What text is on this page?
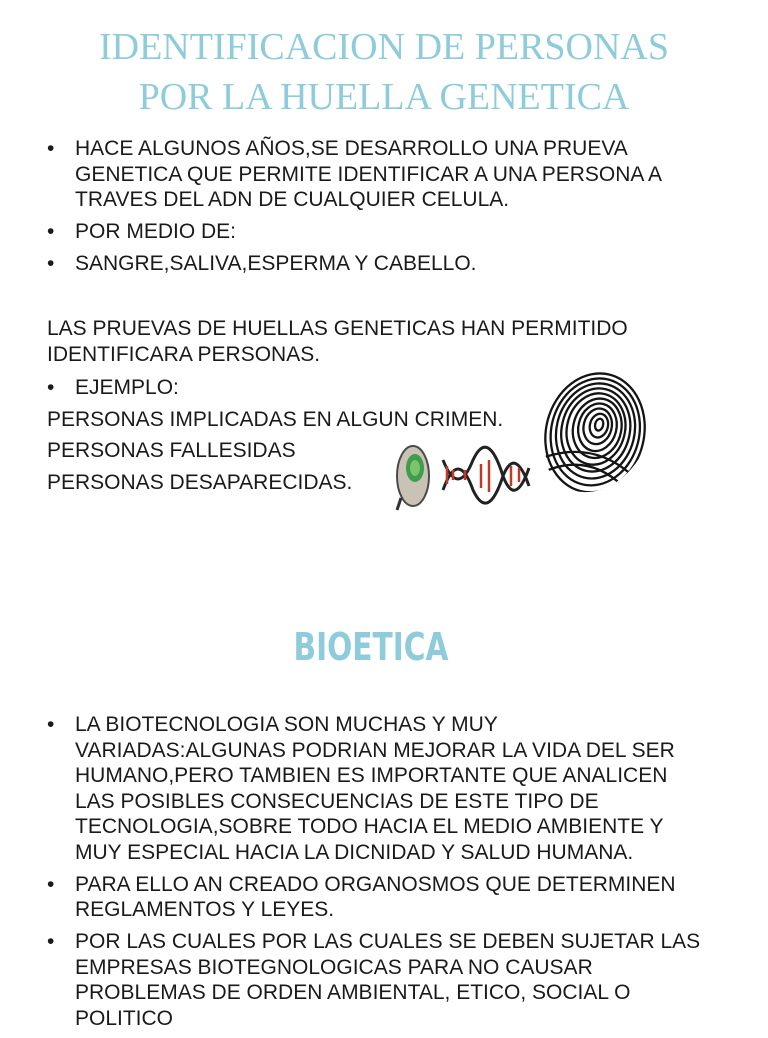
IDENTIFICACION DE PERSONAS
POR LA HUELLA GENETICA
• HACE ALGUNOS AÑOS,SE DESARROLLO UNA PRUEVA
GENETICA QUE PERMITE IDENTIFICAR A UNA PERSONA A
TRAVES DEL ADN DE CUALQUIER CELULA.
• POR MEDIO DE:
• SANGRE,SALIVA,ESPERMA Y CABELLO.
LAS PRUEVAS DE HUELLAS GENETICAS HAN PERMITIDO
IDENTIFICARA PERSONAS.
• EJEMPLO:

PERSONAS IMPLICADAS EN ALGUN CRIMEN.

PERSONAS FALLESIDAS

PERSONAS DESAPARECIDAS.

BIOETICA
• LA BIOTECNOLOGIA SON MUCHAS Y MUY
VARIADAS:ALGUNAS PODRIAN MEJORAR LA VIDA DEL SER
HUMANO,PERO TAMBIEN ES IMPORTANTE QUE ANALICEN
LAS POSIBLES CONSECUENCIAS DE ESTE TIPO DE
TECNOLOGIA,SOBRE TODO HACIA EL MEDIO AMBIENTE Y
MUY ESPECIAL HACIA LA DICNIDAD Y SALUD HUMANA.
• PARA ELLO AN CREADO ORGANOSMOS QUE DETERMINEN
REGLAMENTOS Y LEYES.
• POR LAS CUALES POR LAS CUALES SE DEBEN SUJETAR LAS
EMPRESAS BIOTEGNOLOGICAS PARA NO CAUSAR
PROBLEMAS DE ORDEN AMBIENTAL, ETICO, SOCIAL O
POLITICO
